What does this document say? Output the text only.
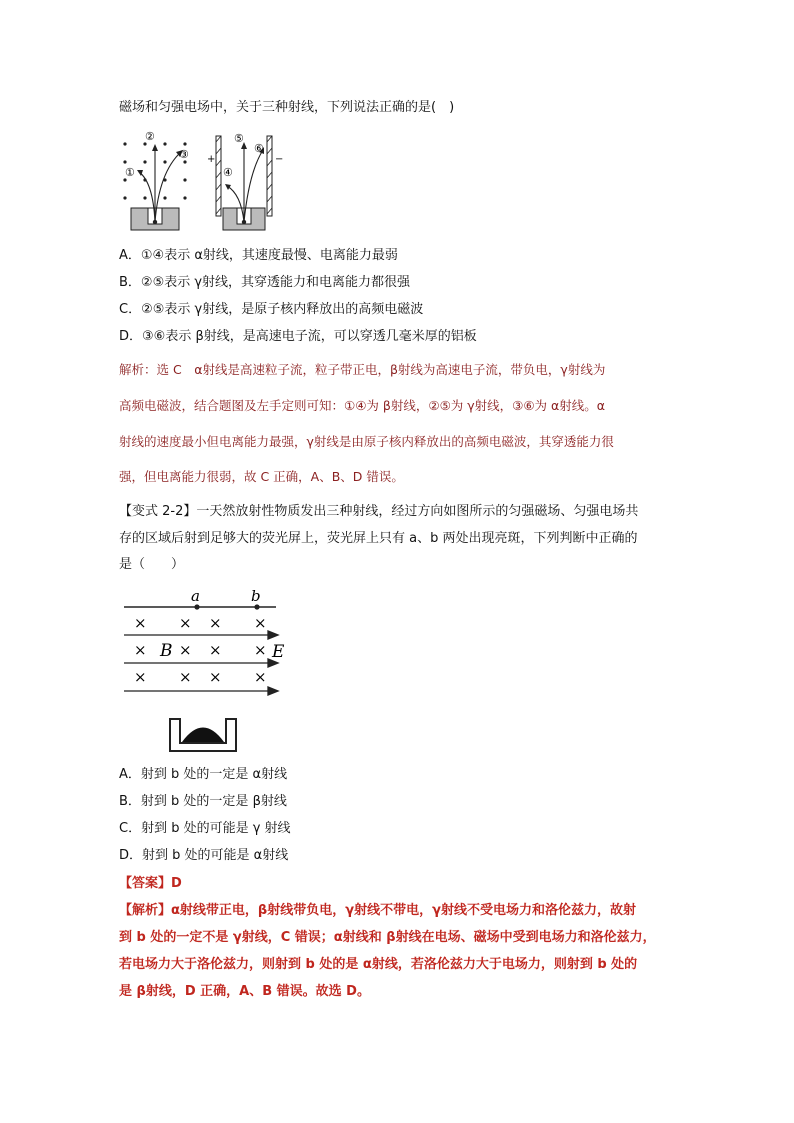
磁场和匀强电场中，关于三种射线，下列说法正确的是(　)
②
③
①
+	−
⑤
⑥
④
A．①④表示 α射线，其速度最慢、电离能力最弱
B．②⑤表示 γ射线，其穿透能力和电离能力都很强
C．②⑤表示 γ射线，是原子核内释放出的高频电磁波
D．③⑥表示 β射线，是高速电子流，可以穿透几毫米厚的铝板
解析：选 C　α射线是高速粒子流，粒子带正电，β射线为高速电子流，带负电，γ射线为
高频电磁波，结合题图及左手定则可知：①④为 β射线，②⑤为 γ射线，③⑥为 α射线。α
射线的速度最小但电离能力最强，γ射线是由原子核内释放出的高频电磁波，其穿透能力很
强，但电离能力很弱，故 C 正确，A、B、D 错误。
【变式 2-2】一天然放射性物质发出三种射线，经过方向如图所示的匀强磁场、匀强电场共
存的区域后射到足够大的荧光屏上，荧光屏上只有 a、b 两处出现亮斑，下列判断中正确的
是（　　）
a	b
× × × ×
× × × ×
× × × ×
B	E
A．射到 b 处的一定是 α射线
B．射到 b 处的一定是 β射线
C．射到 b 处的可能是 γ 射线
D．射到 b 处的可能是 α射线
【答案】D
【解析】α射线带正电，β射线带负电，γ射线不带电，γ射线不受电场力和洛伦兹力，故射
到 b 处的一定不是 γ射线，C 错误；α射线和 β射线在电场、磁场中受到电场力和洛伦兹力，
若电场力大于洛伦兹力，则射到 b 处的是 α射线，若洛伦兹力大于电场力，则射到 b 处的
是 β射线，D 正确，A、B 错误。故选 D。
